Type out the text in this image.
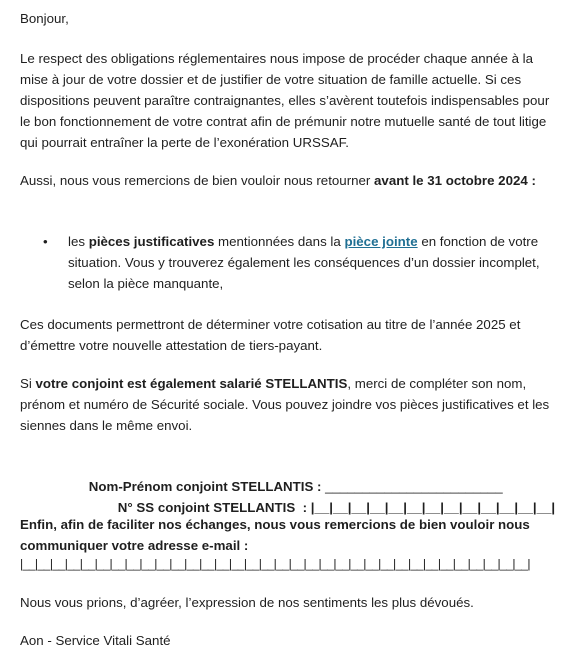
Bonjour,

Le respect des obligations réglementaires nous impose de procéder chaque année à la mise à jour de votre dossier et de justifier de votre situation de famille actuelle. Si ces dispositions peuvent paraître contraignantes, elles s’avèrent toutefois indispensables pour le bon fonctionnement de votre contrat afin de prémunir notre mutuelle santé de tout litige qui pourrait entraîner la perte de l’exonération URSSAF.

Aussi, nous vous remercions de bien vouloir nous retourner avant le 31 octobre 2024 :

• les pièces justificatives mentionnées dans la pièce jointe en fonction de votre situation. Vous y trouverez également les conséquences d’un dossier incomplet, selon la pièce manquante,

Ces documents permettront de déterminer votre cotisation au titre de l’année 2025 et d’émettre votre nouvelle attestation de tiers-payant.

Si votre conjoint est également salarié STELLANTIS, merci de compléter son nom, prénom et numéro de Sécurité sociale. Vous pouvez joindre vos pièces justificatives et les siennes dans le même envoi.

Nom-Prénom conjoint STELLANTIS : ________________________

N° SS conjoint STELLANTIS  : |__|__|__|__|__|__|__|__|__|__|__|__|__|

Enfin, afin de faciliter nos échanges, nous vous remercions de bien vouloir nous communiquer votre adresse e-mail :

|__|__|__|__|__|__|__|__|__|__|__|__|__|__|__|__|__|__|__|__|__|__|__|__|__|__|__|__|__|__|__|__|__|__|

Nous vous prions, d’agréer, l’expression de nos sentiments les plus dévoués.

Aon - Service Vitali Santé
